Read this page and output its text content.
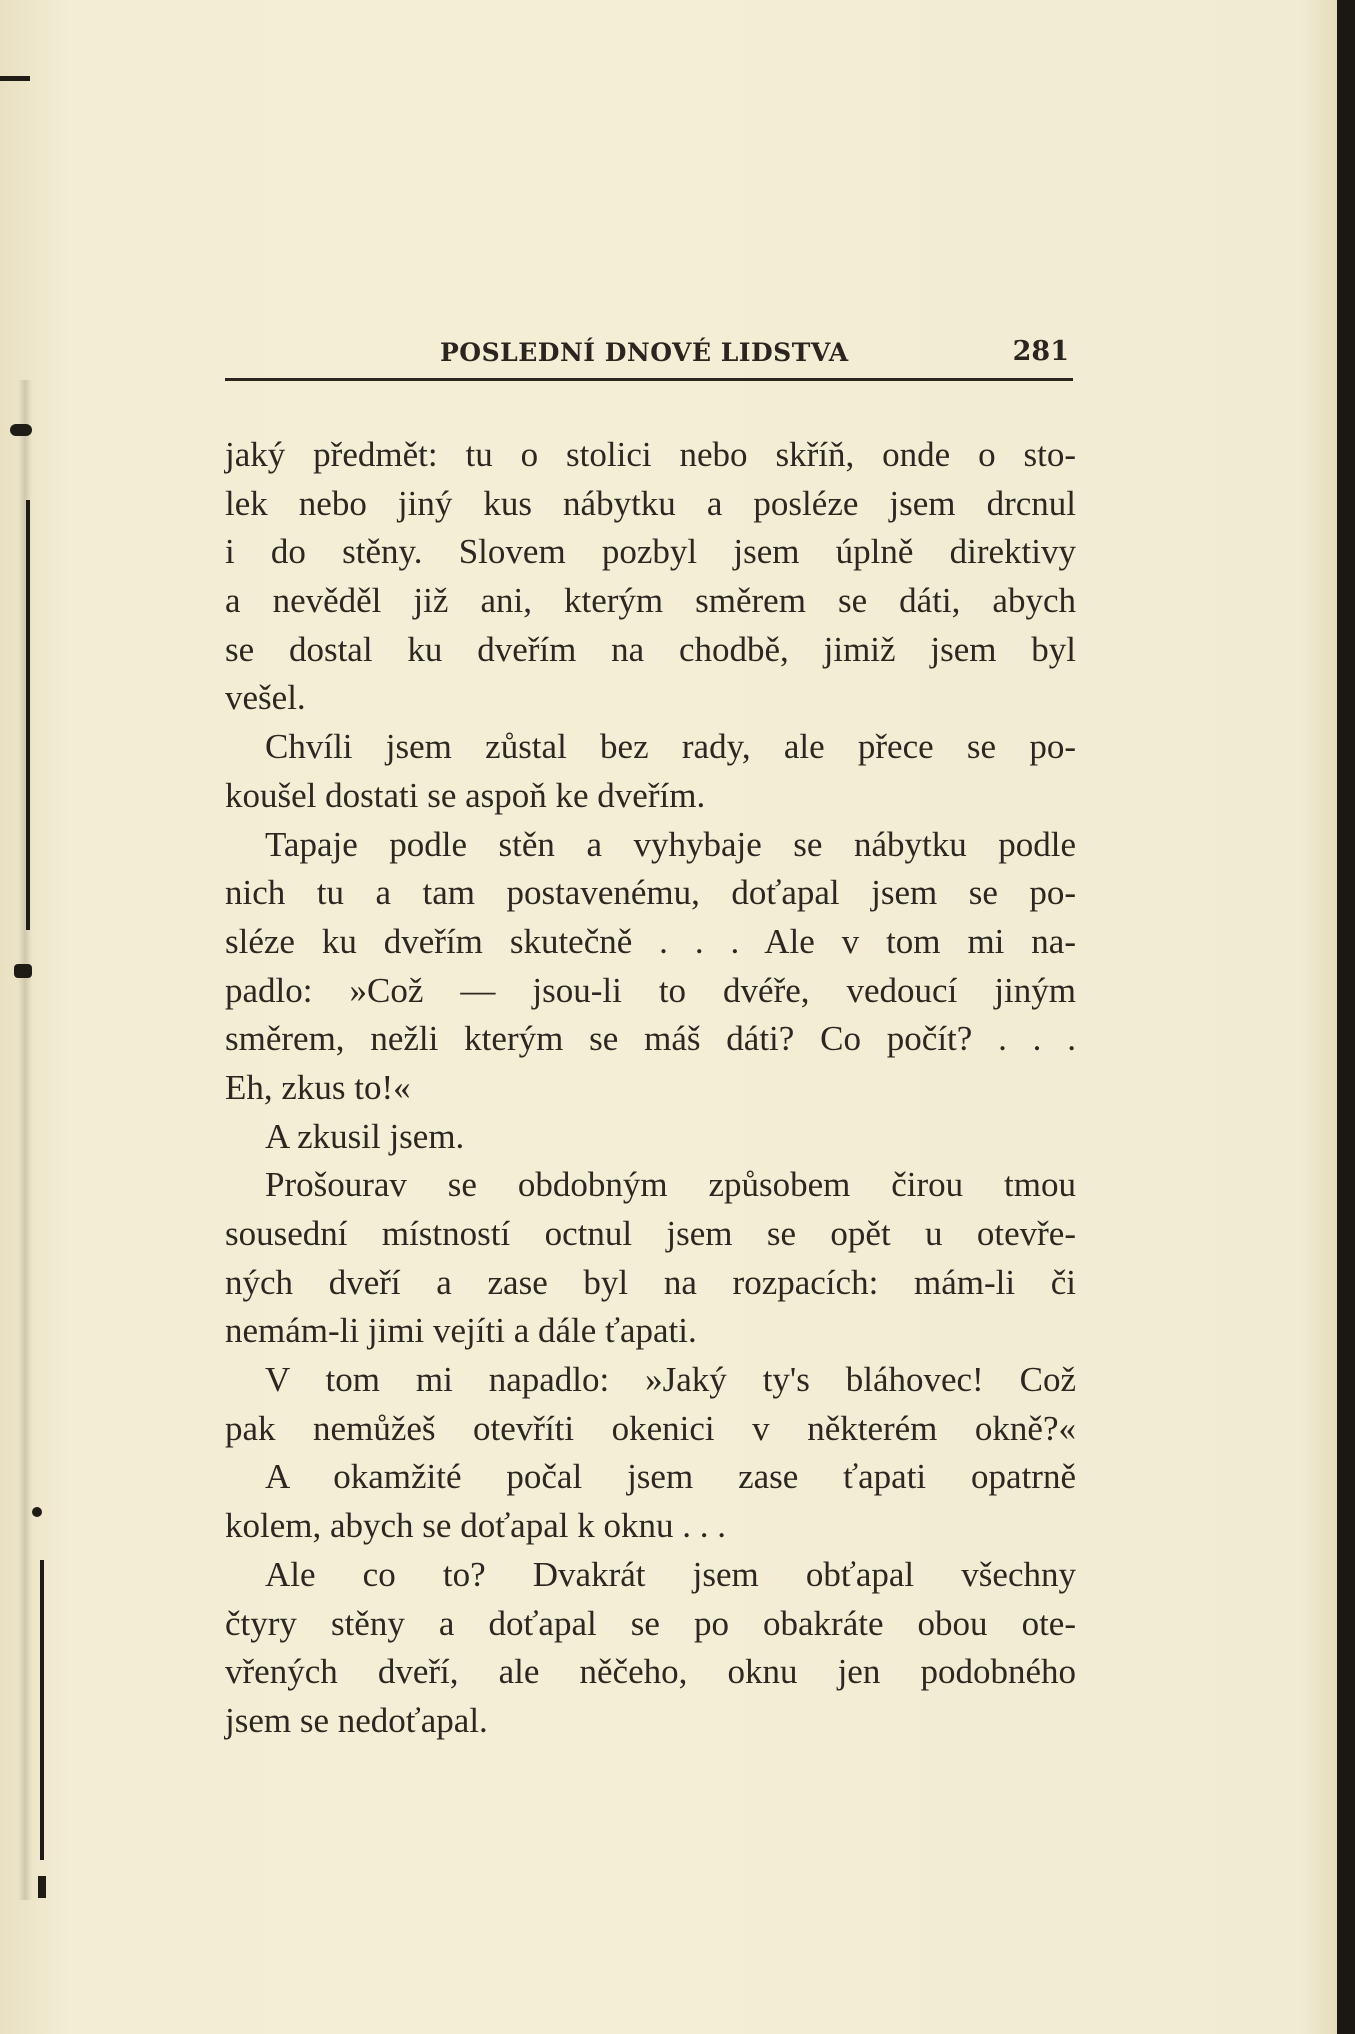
POSLEDNÍ DNOVÉ LIDSTVA	281
jaký předmět: tu o stolici nebo skříň, onde o sto-
lek nebo jiný kus nábytku a posléze jsem drcnul
i do stěny. Slovem pozbyl jsem úplně direktivy
a nevěděl již ani, kterým směrem se dáti, abych
se dostal ku dveřím na chodbě, jimiž jsem byl
vešel.
Chvíli jsem zůstal bez rady, ale přece se po-
koušel dostati se aspoň ke dveřím.
Tapaje podle stěn a vyhybaje se nábytku podle
nich tu a tam postavenému, doťapal jsem se po-
sléze ku dveřím skutečně . . . Ale v tom mi na-
padlo: »Což — jsou-li to dvéře, vedoucí jiným
směrem, nežli kterým se máš dáti? Co počít? . . .
Eh, zkus to!«
A zkusil jsem.
Prošourav se obdobným způsobem čirou tmou
sousední místností octnul jsem se opět u otevře-
ných dveří a zase byl na rozpacích: mám-li či
nemám-li jimi vejíti a dále ťapati.
V tom mi napadlo: »Jaký ty's bláhovec! Což
pak nemůžeš otevříti okenici v některém okně?«
A okamžité počal jsem zase ťapati opatrně
kolem, abych se doťapal k oknu . . .
Ale co to? Dvakrát jsem obťapal všechny
čtyry stěny a doťapal se po obakráte obou ote-
vřených dveří, ale něčeho, oknu jen podobného
jsem se nedoťapal.
